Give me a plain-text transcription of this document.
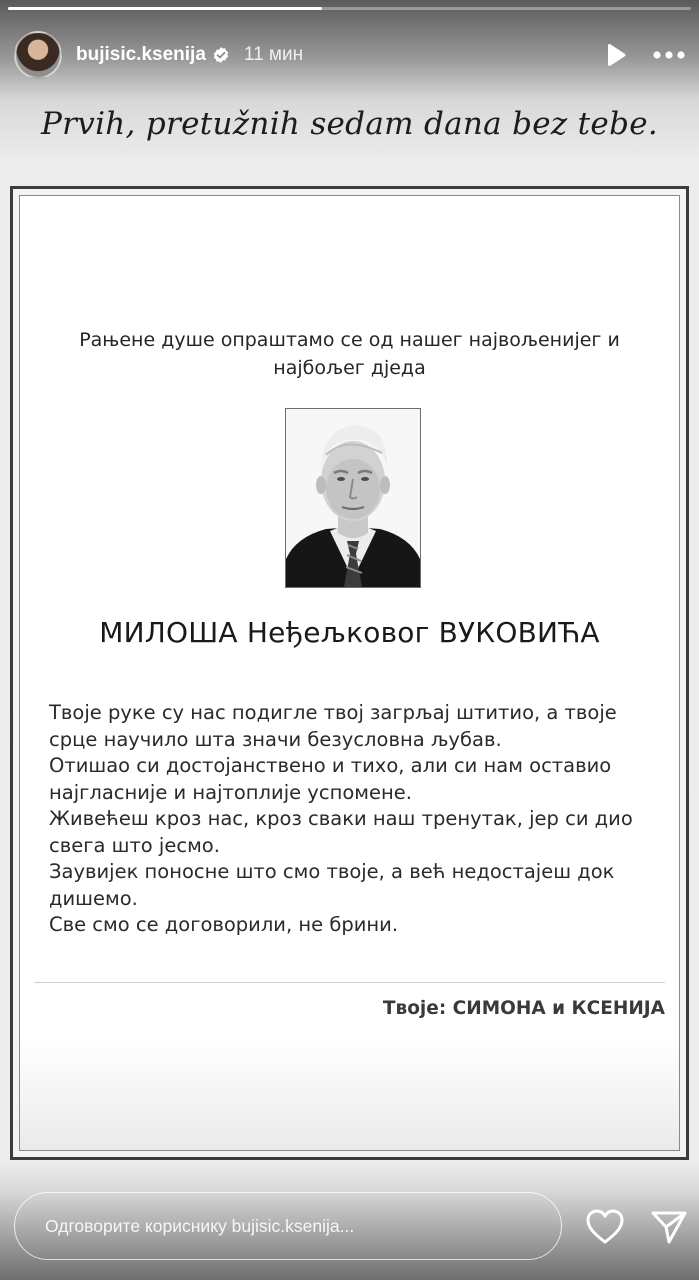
bujisic.ksenija 11 мин
Prvih, pretužnih sedam dana bez tebe.
Рањене душе опраштамо се од нашег највољенијег и најбољег дједа
МИЛОША Нeђељковог ВУКОВИЋА
Твоје руке су нас подигле твој загрљај штитио, а твоје срце научило шта значи безусловна љубав.
Отишао си достојанствено и тихо, али си нам оставио најгласније и најтоплије успомене.
Живећеш кроз нас, кроз сваки наш тренутак, јер си дио свега што јесмо.
Заувијек поносне што смо твоје, а већ недостајеш док дишемо.
Све смо се договорили, не брини.
Твоје: СИМОНА и КСЕНИЈА
Одговорите кориснику bujisic.ksenija...
